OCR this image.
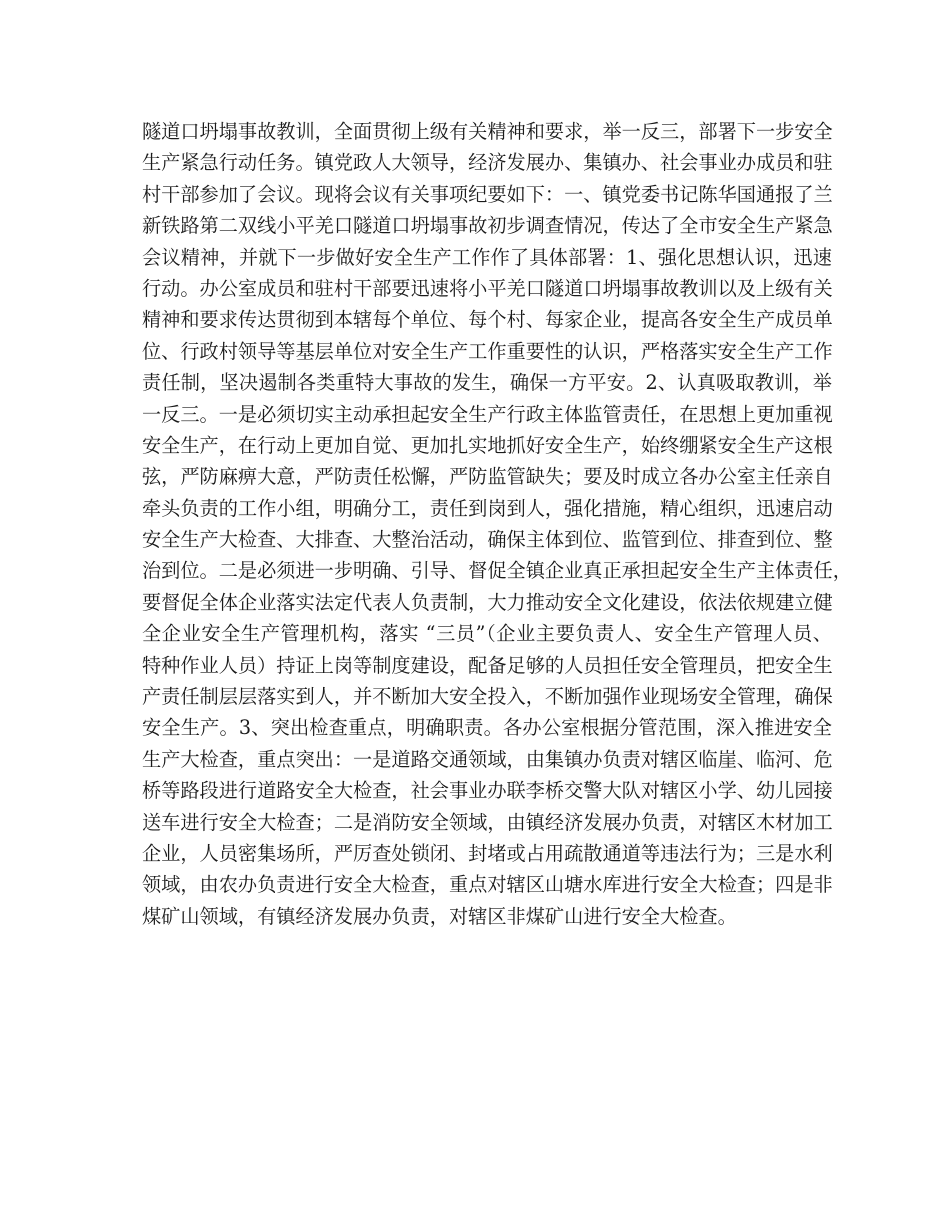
隧道口坍塌事故教训，全面贯彻上级有关精神和要求，举一反三，部署下一步安全
生产紧急行动任务。镇党政人大领导，经济发展办、集镇办、社会事业办成员和驻
村干部参加了会议。现将会议有关事项纪要如下：一、镇党委书记陈华国通报了兰
新铁路第二双线小平羌口隧道口坍塌事故初步调查情况，传达了全市安全生产紧急
会议精神，并就下一步做好安全生产工作作了具体部署：1、强化思想认识，迅速
行动。办公室成员和驻村干部要迅速将小平羌口隧道口坍塌事故教训以及上级有关
精神和要求传达贯彻到本辖每个单位、每个村、每家企业，提高各安全生产成员单
位、行政村领导等基层单位对安全生产工作重要性的认识，严格落实安全生产工作
责任制，坚决遏制各类重特大事故的发生，确保一方平安。2、认真吸取教训，举
一反三。一是必须切实主动承担起安全生产行政主体监管责任，在思想上更加重视
安全生产，在行动上更加自觉、更加扎实地抓好安全生产，始终绷紧安全生产这根
弦，严防麻痹大意，严防责任松懈，严防监管缺失；要及时成立各办公室主任亲自
牵头负责的工作小组，明确分工，责任到岗到人，强化措施，精心组织，迅速启动
安全生产大检查、大排查、大整治活动，确保主体到位、监管到位、排查到位、整
治到位。二是必须进一步明确、引导、督促全镇企业真正承担起安全生产主体责任，
要督促全体企业落实法定代表人负责制，大力推动安全文化建设，依法依规建立健
全企业安全生产管理机构，落实 “三员”（企业主要负责人、安全生产管理人员、
特种作业人员）持证上岗等制度建设，配备足够的人员担任安全管理员，把安全生
产责任制层层落实到人，并不断加大安全投入，不断加强作业现场安全管理，确保
安全生产。3、突出检查重点，明确职责。各办公室根据分管范围，深入推进安全
生产大检查，重点突出：一是道路交通领域，由集镇办负责对辖区临崖、临河、危
桥等路段进行道路安全大检查，社会事业办联李桥交警大队对辖区小学、幼儿园接
送车进行安全大检查；二是消防安全领域，由镇经济发展办负责，对辖区木材加工
企业，人员密集场所，严厉查处锁闭、封堵或占用疏散通道等违法行为；三是水利
领域，由农办负责进行安全大检查，重点对辖区山塘水库进行安全大检查；四是非
煤矿山领域，有镇经济发展办负责，对辖区非煤矿山进行安全大检查。
